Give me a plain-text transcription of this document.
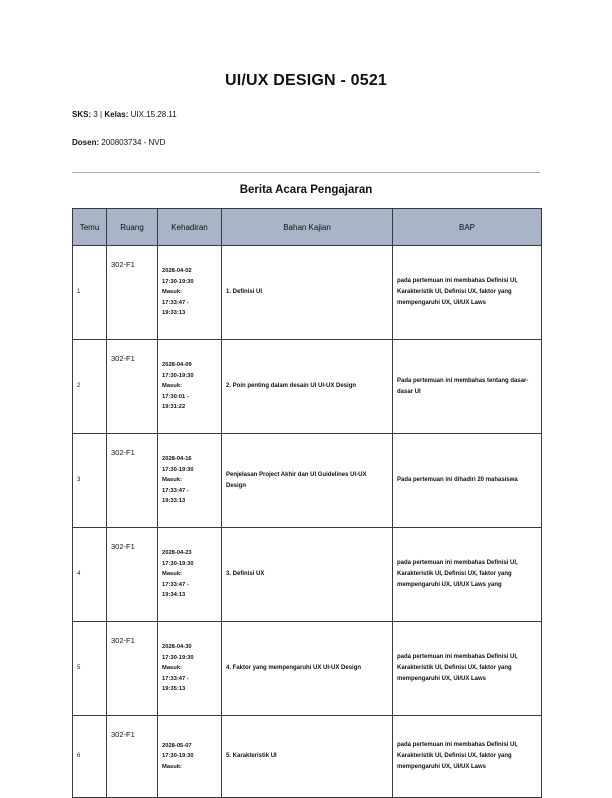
UI/UX DESIGN - 0521
SKS: 3 | Kelas: UIX.15.28.11
Dosen: 200803734 - NVD
Berita Acara Pengajaran
Temu	Ruang	Kehadiran	Bahan Kajian	BAP
1	302-F1	2028-04-02
17:30-19:30
Masuk:
17:33:47 -
19:33:13	1. Definisi UI	pada pertemuan ini membahas Definisi UI, Karakteristik UI, Definisi UX, faktor yang mempengaruhi UX, UI/UX Laws
2	302-F1	2028-04-09
17:30-19:30
Masuk:
17:30:01 -
19:31:22	2. Poin penting dalam desain UI UI-UX Design	Pada pertemuan ini membahas tentang dasar-dasar UI
3	302-F1	2028-04-16
17:30-19:30
Masuk:
17:33:47 -
19:33:13	Penjelasan Project Akhir dan UI Guidelines UI-UX Design	Pada pertemuan ini dihadiri 20 mahasiswa
4	302-F1	2028-04-23
17:30-19:30
Masuk:
17:33:47 -
19:34:13	3. Definisi UX	pada pertemuan ini membahas Definisi UI, Karakteristik UI, Definisi UX, faktor yang mempengaruhi UX, UI/UX Laws yang
5	302-F1	2028-04-30
17:30-19:30
Masuk:
17:33:47 -
19:35:13	4. Faktor yang mempengaruhi UX UI-UX Design	pada pertemuan ini membahas Definisi UI, Karakteristik UI, Definisi UX, faktor yang mempengaruhi UX, UI/UX Laws
6	302-F1	2028-05-07
17:30-19:30
Masuk:	5. Karakteristik UI	pada pertemuan ini membahas Definisi UI, Karakteristik UI, Definisi UX, faktor yang mempengaruhi UX, UI/UX Laws
